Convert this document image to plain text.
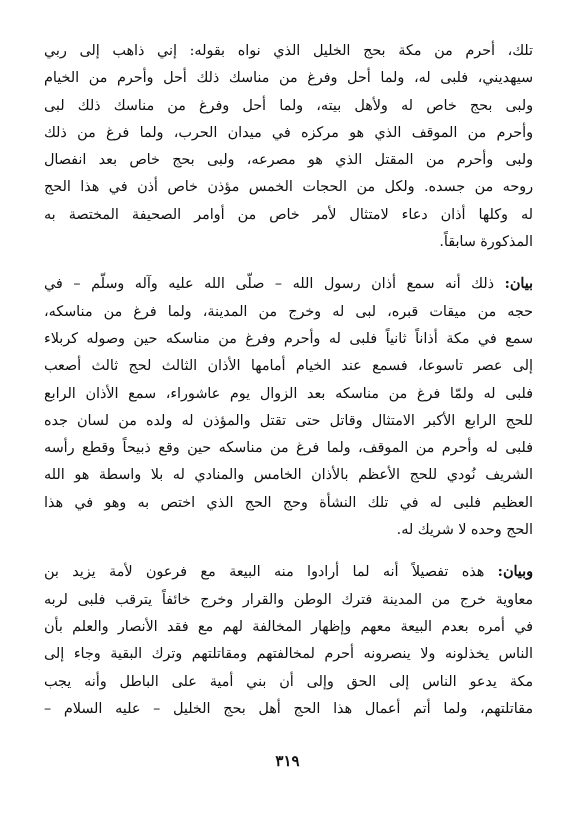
تلك، أحرم من مكة بحج الخليل الذي نواه بقوله: إني ذاهب إلى ربي
سيهديني، فلبى له، ولما أحل وفرغ من مناسك ذلك أحل وأحرم من الخيام
ولبى بحج خاص له ولأهل بيته، ولما أحل وفرغ من مناسك ذلك لبى
وأحرم من الموقف الذي هو مركزه في ميدان الحرب، ولما فرغ من ذلك
ولبى وأحرم من المقتل الذي هو مصرعه، ولبى بحج خاص بعد انفصال
روحه من جسده. ولكل من الحجات الخمس مؤذن خاص أذن في هذا الحج
له وكلها أذان دعاء لامتثال لأمر خاص من أوامر الصحيفة المختصة به
المذكورة سابقاً.

بيان: ذلك أنه سمع أذان رسول الله – صلّى الله عليه وآله وسلّم – في
حجه من ميقات قبره، لبى له وخرج من المدينة، ولما فرغ من مناسكه،
سمع في مكة أذاناً ثانياً فلبى له وأحرم وفرغ من مناسكه حين وصوله كربلاء
إلى عصر تاسوعا، فسمع عند الخيام أمامها الأذان الثالث لحج ثالث أصعب
فلبى له ولمّا فرغ من مناسكه بعد الزوال يوم عاشوراء، سمع الأذان الرابع
للحج الرابع الأكبر الامتثال وقاتل حتى تقتل والمؤذن له ولده من لسان جده
فلبى له وأحرم من الموقف، ولما فرغ من مناسكه حين وقع ذبيحاً وقطع رأسه
الشريف نُودي للحج الأعظم بالأذان الخامس والمنادي له بلا واسطة هو الله
العظيم فلبى له في تلك النشأة وحج الحج الذي اختص به وهو في هذا
الحج وحده لا شريك له.

وبيان: هذه تفصيلاً أنه لما أرادوا منه البيعة مع فرعون لأمة يزيد بن
معاوية خرج من المدينة فترك الوطن والقرار وخرج خائفاً يترقب فلبى لربه
في أمره بعدم البيعة معهم وإظهار المخالفة لهم مع فقد الأنصار والعلم بأن
الناس يخذلونه ولا ينصرونه أحرم لمخالفتهم ومقاتلتهم وترك البقية وجاء إلى
مكة يدعو الناس إلى الحق وإلى أن بني أمية على الباطل وأنه يجب
مقاتلتهم، ولما أتم أعمال هذا الحج أهل بحج الخليل – عليه السلام –

٣١٩
